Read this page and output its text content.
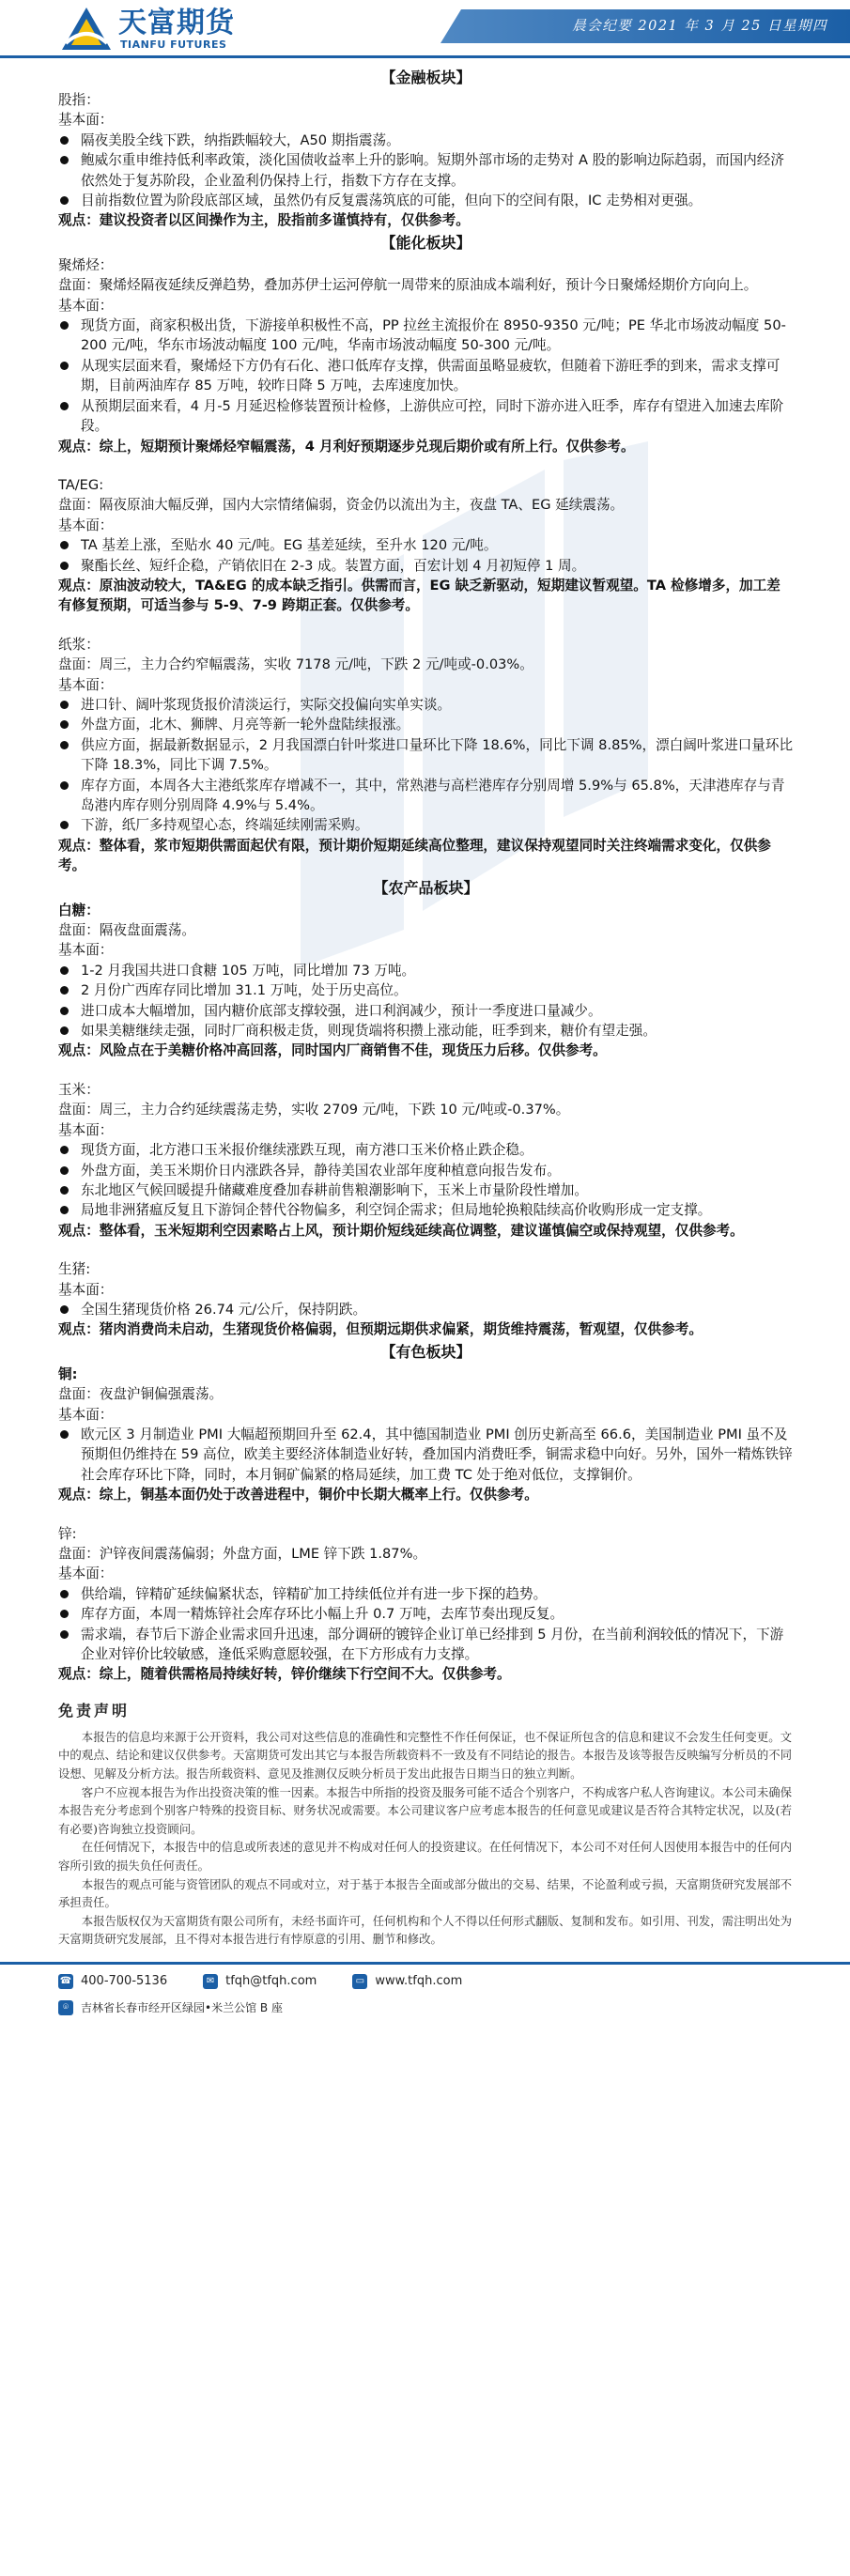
天富期货
TIANFU FUTURES
晨会纪要 2021 年 3 月 25 日星期四
【金融板块】
股指：
基本面：
隔夜美股全线下跌，纳指跌幅较大，A50 期指震荡。
鲍威尔重申维持低利率政策，淡化国债收益率上升的影响。短期外部市场的走势对 A 股的影响边际趋弱，而国内经济依然处于复苏阶段，企业盈利仍保持上行，指数下方存在支撑。
目前指数位置为阶段底部区域，虽然仍有反复震荡筑底的可能，但向下的空间有限，IC 走势相对更强。
观点：建议投资者以区间操作为主，股指前多谨慎持有，仅供参考。
【能化板块】
聚烯烃：
盘面：聚烯烃隔夜延续反弹趋势，叠加苏伊士运河停航一周带来的原油成本端利好，预计今日聚烯烃期价方向向上。
基本面：
现货方面，商家积极出货，下游接单积极性不高，PP 拉丝主流报价在 8950-9350 元/吨；PE 华北市场波动幅度 50-200 元/吨，华东市场波动幅度 100 元/吨，华南市场波动幅度 50-300 元/吨。
从现实层面来看，聚烯烃下方仍有石化、港口低库存支撑，供需面虽略显疲软，但随着下游旺季的到来，需求支撑可期，目前两油库存 85 万吨，较昨日降 5 万吨，去库速度加快。
从预期层面来看，4 月-5 月延迟检修装置预计检修，上游供应可控，同时下游亦进入旺季，库存有望进入加速去库阶段。
观点：综上，短期预计聚烯烃窄幅震荡，4 月利好预期逐步兑现后期价或有所上行。仅供参考。
TA/EG:
盘面：隔夜原油大幅反弹，国内大宗情绪偏弱，资金仍以流出为主，夜盘 TA、EG 延续震荡。
基本面：
TA 基差上涨，至贴水 40 元/吨。EG 基差延续，至升水 120 元/吨。
聚酯长丝、短纤企稳，产销依旧在 2-3 成。装置方面，百宏计划 4 月初短停 1 周。
观点：原油波动较大，TA&EG 的成本缺乏指引。供需而言，EG 缺乏新驱动，短期建议暂观望。TA 检修增多，加工差有修复预期，可适当参与 5-9、7-9 跨期正套。仅供参考。
纸浆：
盘面：周三，主力合约窄幅震荡，实收 7178 元/吨，下跌 2 元/吨或-0.03%。
基本面：
进口针、阔叶浆现货报价清淡运行，实际交投偏向实单实谈。
外盘方面，北木、狮牌、月亮等新一轮外盘陆续报涨。
供应方面，据最新数据显示，2 月我国漂白针叶浆进口量环比下降 18.6%，同比下调 8.85%，漂白阔叶浆进口量环比下降 18.3%，同比下调 7.5%。
库存方面，本周各大主港纸浆库存增减不一，其中，常熟港与高栏港库存分别周增 5.9%与 65.8%，天津港库存与青岛港内库存则分别周降 4.9%与 5.4%。
下游，纸厂多持观望心态，终端延续刚需采购。
观点：整体看，浆市短期供需面起伏有限，预计期价短期延续高位整理，建议保持观望同时关注终端需求变化，仅供参考。
【农产品板块】
白糖：
盘面：隔夜盘面震荡。
基本面：
1-2 月我国共进口食糖 105 万吨，同比增加 73 万吨。
2 月份广西库存同比增加 31.1 万吨，处于历史高位。
进口成本大幅增加，国内糖价底部支撑较强，进口利润减少，预计一季度进口量减少。
如果美糖继续走强，同时厂商积极走货，则现货端将积攒上涨动能，旺季到来，糖价有望走强。
观点：风险点在于美糖价格冲高回落，同时国内厂商销售不佳，现货压力后移。仅供参考。
玉米：
盘面：周三，主力合约延续震荡走势，实收 2709 元/吨，下跌 10 元/吨或-0.37%。
基本面：
现货方面，北方港口玉米报价继续涨跌互现，南方港口玉米价格止跌企稳。
外盘方面，美玉米期价日内涨跌各异，静待美国农业部年度种植意向报告发布。
东北地区气候回暖提升储藏难度叠加春耕前售粮潮影响下，玉米上市量阶段性增加。
局地非洲猪瘟反复且下游饲企替代谷物偏多，利空饲企需求；但局地轮换粮陆续高价收购形成一定支撑。
观点：整体看，玉米短期利空因素略占上风，预计期价短线延续高位调整，建议谨慎偏空或保持观望，仅供参考。
生猪:
基本面：
全国生猪现货价格 26.74 元/公斤，保持阴跌。
观点：猪肉消费尚未启动，生猪现货价格偏弱，但预期远期供求偏紧，期货维持震荡，暂观望，仅供参考。
【有色板块】
铜:
盘面：夜盘沪铜偏强震荡。
基本面：
欧元区 3 月制造业 PMI 大幅超预期回升至 62.4，其中德国制造业 PMI 创历史新高至 66.6，美国制造业 PMI 虽不及预期但仍维持在 59 高位，欧美主要经济体制造业好转，叠加国内消费旺季，铜需求稳中向好。另外，国外一精炼铁锌社会库存环比下降，同时，本月铜矿偏紧的格局延续，加工费 TC 处于绝对低位，支撑铜价。
观点：综上，铜基本面仍处于改善进程中，铜价中长期大概率上行。仅供参考。
锌:
盘面：沪锌夜间震荡偏弱；外盘方面，LME 锌下跌 1.87%。
基本面：
供给端，锌精矿延续偏紧状态，锌精矿加工持续低位并有进一步下探的趋势。
库存方面，本周一精炼锌社会库存环比小幅上升 0.7 万吨，去库节奏出现反复。
需求端，春节后下游企业需求回升迅速，部分调研的镀锌企业订单已经排到 5 月份，在当前利润较低的情况下，下游企业对锌价比较敏感，逢低采购意愿较强，在下方形成有力支撑。
观点：综上，随着供需格局持续好转，锌价继续下行空间不大。仅供参考。
免责声明

本报告的信息均来源于公开资料，我公司对这些信息的准确性和完整性不作任何保证，也不保证所包含的信息和建议不会发生任何变更。文中的观点、结论和建议仅供参考。天富期货可发出其它与本报告所载资料不一致及有不同结论的报告。本报告及该等报告反映编写分析员的不同设想、见解及分析方法。报告所载资料、意见及推测仅反映分析员于发出此报告日期当日的独立判断。

客户不应视本报告为作出投资决策的惟一因素。本报告中所指的投资及服务可能不适合个别客户，不构成客户私人咨询建议。本公司未确保本报告充分考虑到个别客户特殊的投资目标、财务状况或需要。本公司建议客户应考虑本报告的任何意见或建议是否符合其特定状况，以及(若有必要)咨询独立投资顾问。

在任何情况下，本报告中的信息或所表述的意见并不构成对任何人的投资建议。在任何情况下，本公司不对任何人因使用本报告中的任何内容所引致的损失负任何责任。

本报告的观点可能与资管团队的观点不同或对立，对于基于本报告全面或部分做出的交易、结果，不论盈利或亏损，天富期货研究发展部不承担责任。

本报告版权仅为天富期货有限公司所有，未经书面许可，任何机构和个人不得以任何形式翻版、复制和发布。如引用、刊发，需注明出处为天富期货研究发展部，且不得对本报告进行有悖原意的引用、删节和修改。

☎ 400-700-5136	✉ tfqh@tfqh.com	▭ www.tfqh.com
⌾	吉林省长春市经开区绿园•米兰公馆 B 座
